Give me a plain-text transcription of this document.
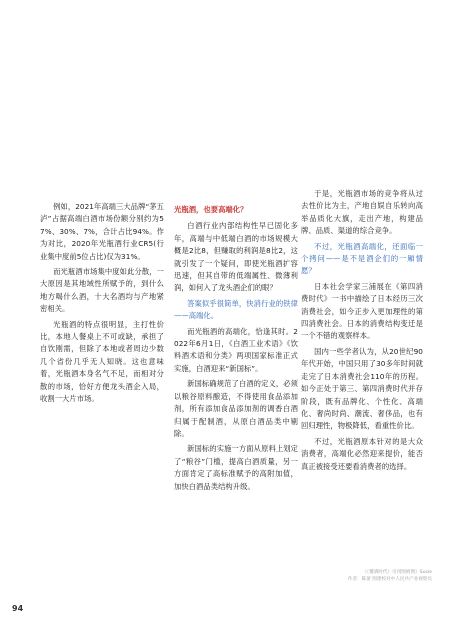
例如，2021年高端三大品牌“茅五泸”占据高端白酒市场份额分别约为57%、30%、7%，合计占比94%。作为对比，2020年光瓶酒行业CR5(行业集中度前5位占比)仅为31%。

而光瓶酒市场集中度如此分散，一大原因是其地域性所赋予的，到什么地方喝什么酒，十大名酒均与产地紧密相关。

光瓶酒的特点很明显，主打性价比，本地人餐桌上不可或缺，承担了自饮刚需，但除了本地或者周边少数几个省份几乎无人知晓。这也意味着，光瓶酒本身名气不足，而相对分散的市场，恰好方便龙头酒企入局，收割一大片市场。

光瓶酒，也要高端化？

白酒行业内部结构性早已固化多年，高端与中低端白酒的市场规模大概是2比8，但赚取的利润是8比2，这就引发了一个疑问，即使光瓶酒扩容迅速，但其自带的低端属性、微薄利润，如何入了龙头酒企们的眼？

答案似乎很简单，快消行业的铁律——高端化。

而光瓶酒的高端化，恰逢其时。2022年6月1日，《白酒工业术语》《饮料酒术语和分类》两项国家标准正式实施，白酒迎来“新国标”。

新国标确规范了白酒的定义，必须以粮谷原料酿造，不得使用食品添加剂，所有添加食品添加剂的调香白酒归属于配制酒，从原白酒品类中剔除。

新国标的实施一方面从原料上划定了“粮谷”门槛，提高白酒质量，另一方面肯定了高标准赋予的高附加值，加快白酒品类结构升级。

于是，光瓶酒市场的竞争将从过去性价比为主，产地自娱自乐转向高举品质化大旗，走出产地，构建品牌、品质、渠道的综合竞争。

不过，光瓶酒高端化，还面临一个拷问——是不是酒企们的一厢情愿？

日本社会学家三浦展在《第四消费时代》一书中描绘了日本经历三次消费社会，如今正步入更加理性的第四消费社会。日本的消费结构变迁是一个不错的观察样本。

国内一些学者认为，从20世纪90年代开始，中国只用了30多年时间就走完了日本消费社会110年的历程。如今正处于第三、第四消费时代并存阶段，既有品牌化、个性化、高端化、奢尚时尚、潮流、奢侈品，也有回归理性，物极降低，看重性价比。

不过，光瓶酒原本针对的是大众消费者，高端化必然迎来提价，能否真正被接受还要看消费者的选择。

《（懂酒时代）引用图被图》Susie
作者：陈蕾 图建校对中人民共产业视察员
94
